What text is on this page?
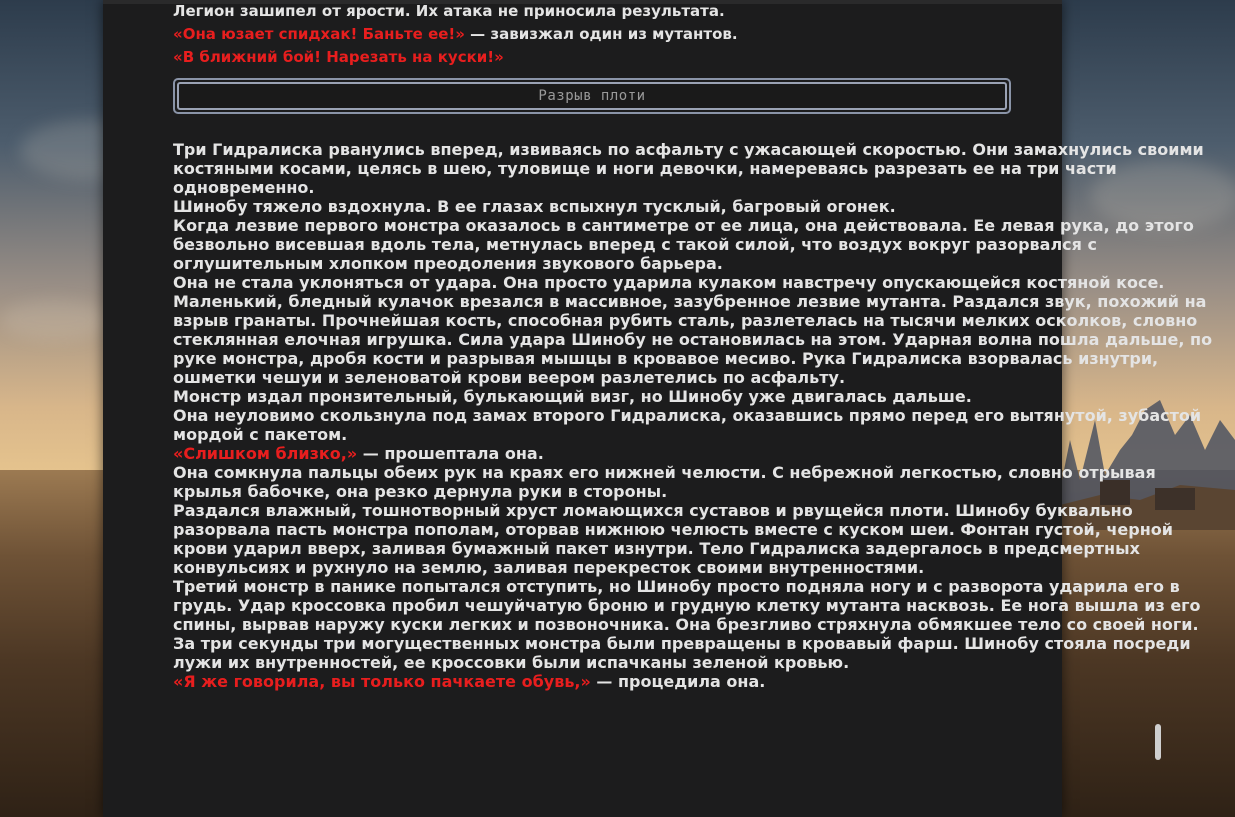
Легион зашипел от ярости. Их атака не приносила результата.
«Она юзает спидхак! Баньте ее!» — завизжал один из мутантов.
«В ближний бой! Нарезать на куски!»
Разрыв плоти
Три Гидралиска рванулись вперед, извиваясь по асфальту с ужасающей скоростью. Они замахнулись своими
костяными косами, целясь в шею, туловище и ноги девочки, намереваясь разрезать ее на три части
одновременно.
Шинобу тяжело вздохнула. В ее глазах вспыхнул тусклый, багровый огонек.
Когда лезвие первого монстра оказалось в сантиметре от ее лица, она действовала. Ее левая рука, до этого
безвольно висевшая вдоль тела, метнулась вперед с такой силой, что воздух вокруг разорвался с
оглушительным хлопком преодоления звукового барьера.
Она не стала уклоняться от удара. Она просто ударила кулаком навстречу опускающейся костяной косе.
Маленький, бледный кулачок врезался в массивное, зазубренное лезвие мутанта. Раздался звук, похожий на
взрыв гранаты. Прочнейшая кость, способная рубить сталь, разлетелась на тысячи мелких осколков, словно
стеклянная елочная игрушка. Сила удара Шинобу не остановилась на этом. Ударная волна пошла дальше, по
руке монстра, дробя кости и разрывая мышцы в кровавое месиво. Рука Гидралиска взорвалась изнутри,
ошметки чешуи и зеленоватой крови веером разлетелись по асфальту.
Монстр издал пронзительный, булькающий визг, но Шинобу уже двигалась дальше.
Она неуловимо скользнула под замах второго Гидралиска, оказавшись прямо перед его вытянутой, зубастой
мордой с пакетом.
«Слишком близко,» — прошептала она.
Она сомкнула пальцы обеих рук на краях его нижней челюсти. С небрежной легкостью, словно отрывая
крылья бабочке, она резко дернула руки в стороны.
Раздался влажный, тошнотворный хруст ломающихся суставов и рвущейся плоти. Шинобу буквально
разорвала пасть монстра пополам, оторвав нижнюю челюсть вместе с куском шеи. Фонтан густой, черной
крови ударил вверх, заливая бумажный пакет изнутри. Тело Гидралиска задергалось в предсмертных
конвульсиях и рухнуло на землю, заливая перекресток своими внутренностями.
Третий монстр в панике попытался отступить, но Шинобу просто подняла ногу и с разворота ударила его в
грудь. Удар кроссовка пробил чешуйчатую броню и грудную клетку мутанта насквозь. Ее нога вышла из его
спины, вырвав наружу куски легких и позвоночника. Она брезгливо стряхнула обмякшее тело со своей ноги.
За три секунды три могущественных монстра были превращены в кровавый фарш. Шинобу стояла посреди
лужи их внутренностей, ее кроссовки были испачканы зеленой кровью.
«Я же говорила, вы только пачкаете обувь,» — процедила она.
